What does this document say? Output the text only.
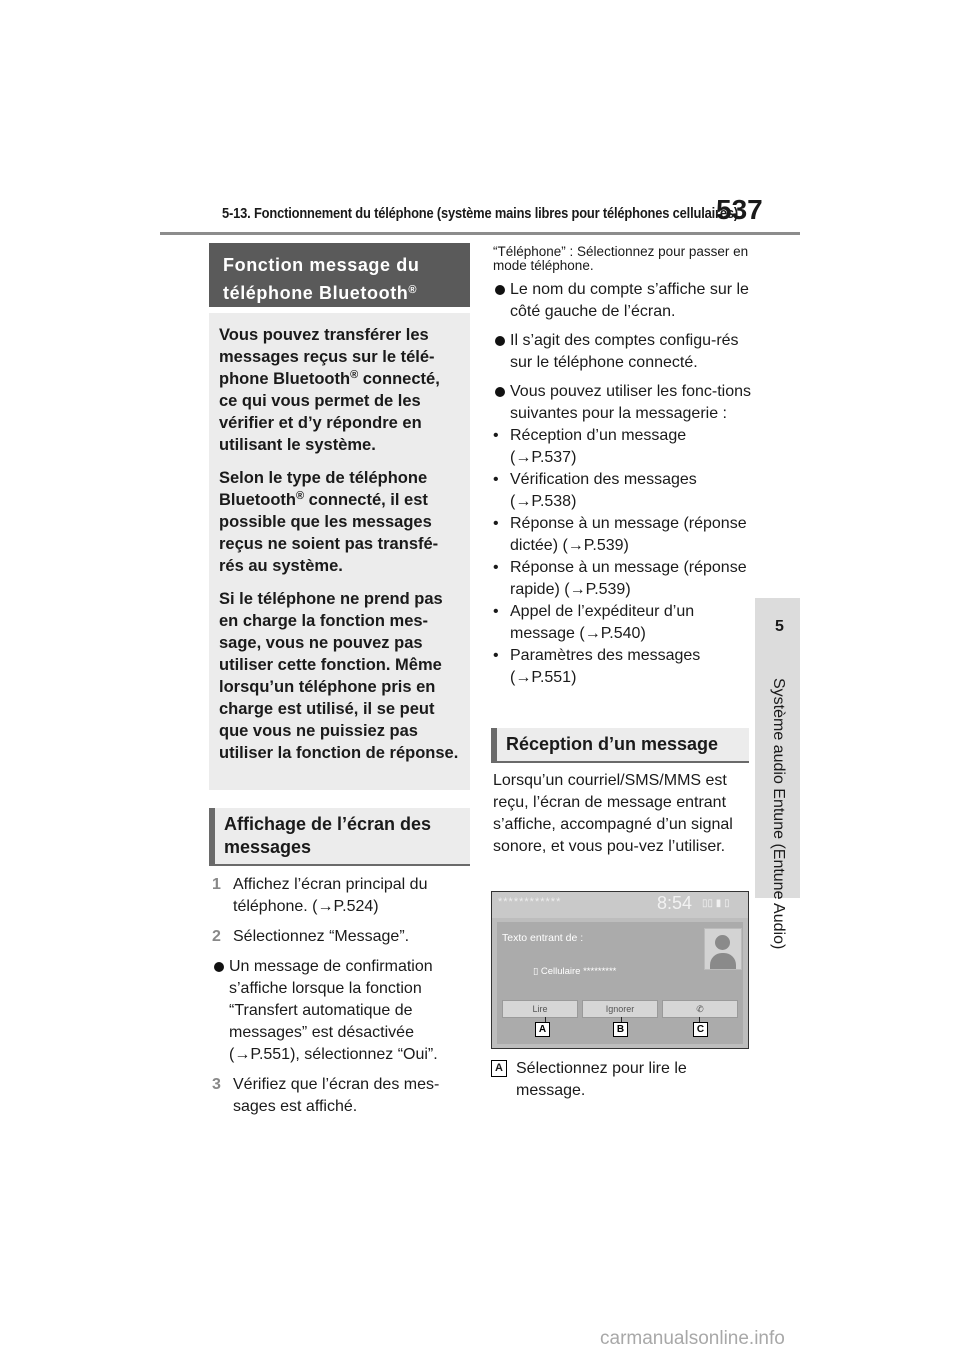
5-13. Fonctionnement du téléphone (système mains libres pour téléphones cellulaires)
537
5
Système audio Entune (Entune Audio)
Fonction message du
téléphone Bluetooth®

Vous pouvez transférer les messages reçus sur le télé-phone Bluetooth® connecté, ce qui vous permet de les vérifier et d’y répondre en utilisant le système.

Selon le type de téléphone Bluetooth® connecté, il est possible que les messages reçus ne soient pas transfé-rés au système.

Si le téléphone ne prend pas en charge la fonction mes-sage, vous ne pouvez pas utiliser cette fonction. Même lorsqu’un téléphone pris en charge est utilisé, il se peut que vous ne puissiez pas utiliser la fonction de réponse.

Affichage de l’écran des messages
1 Affichez l’écran principal du téléphone. (→P.524)
2 Sélectionnez “Message”.
Un message de confirmation s’affiche lorsque la fonction “Transfert automatique de messages” est désactivée (→P.551), sélectionnez “Oui”.
3 Vérifiez que l’écran des mes-sages est affiché.

“Téléphone” : Sélectionnez pour passer en mode téléphone.

Le nom du compte s’affiche sur le côté gauche de l’écran.
Il s’agit des comptes configu-rés sur le téléphone connecté.
Vous pouvez utiliser les fonc-tions suivantes pour la messagerie :
• Réception d’un message (→P.537)
• Vérification des messages (→P.538)
• Réponse à un message (réponse dictée) (→P.539)
• Réponse à un message (réponse rapide) (→P.539)
• Appel de l’expéditeur d’un message (→P.540)
• Paramètres des messages (→P.551)
Réception d’un message
Lorsqu’un courriel/SMS/MMS est reçu, l’écran de message entrant s’affiche, accompagné d’un signal sonore, et vous pou-vez l’utiliser.
************	8:54 ▯▯ ▮ ▯
Texto entrant de :
▯ Cellulaire *********
Lire	Ignorer	✆
A	B	C
A Sélectionnez pour lire le message.
carmanualsonline.info
